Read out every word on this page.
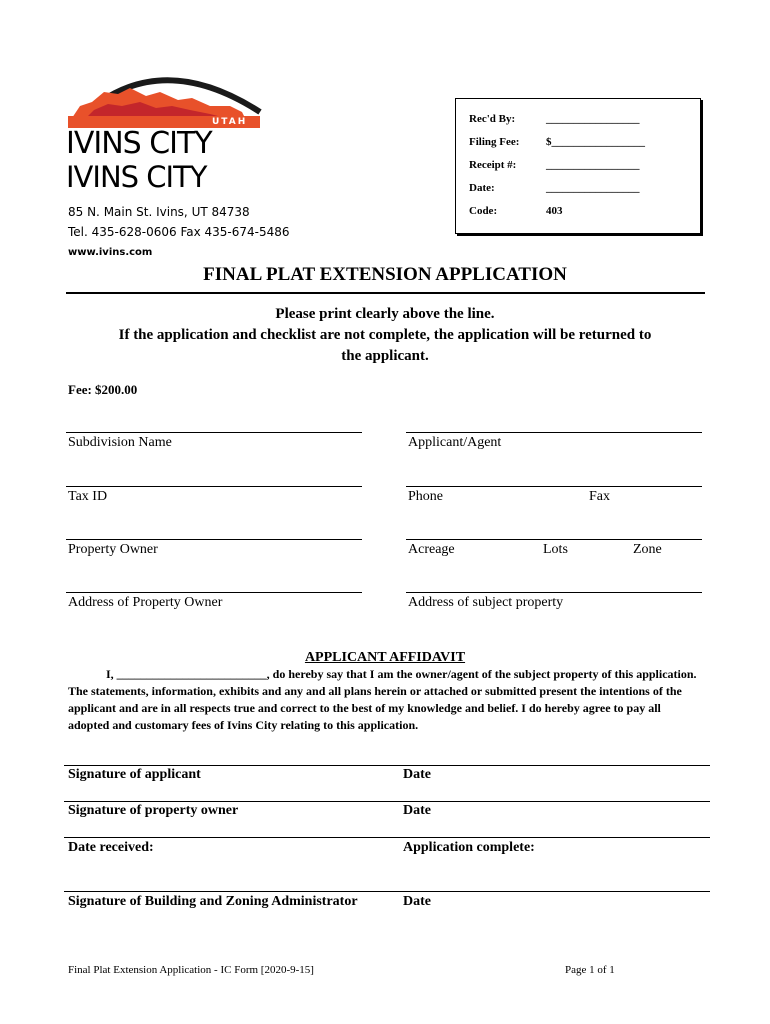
UTAH
IVINS CITY
IVINS CITY
85 N. Main St. Ivins, UT 84738
Tel. 435-628-0606 Fax 435-674-5486
www.ivins.com
Rec'd By:	_________________
Filing Fee: $_________________
Receipt #:	_________________
Date:	_________________
Code:	403
FINAL PLAT EXTENSION APPLICATION
Please print clearly above the line.
If the application and checklist are not complete, the application will be returned to
the applicant.
Fee: $200.00
Subdivision Name	Applicant/Agent
Tax ID	Phone	Fax
Property Owner	Acreage	Lots	Zone
Address of Property Owner	Address of subject property
APPLICANT AFFIDAVIT

I, _________________________, do hereby say that I am the owner/agent of the subject property of this application. The statements, information, exhibits and any and all plans herein or attached or submitted present the intentions of the applicant and are in all respects true and correct to the best of my knowledge and belief. I do hereby agree to pay all adopted and customary fees of Ivins City relating to this application.

Signature of applicant	Date
Signature of property owner	Date
Date received:	Application complete:
Signature of Building and Zoning Administrator	Date
Final Plat Extension Application - IC Form [2020-9-15]	Page 1 of 1
